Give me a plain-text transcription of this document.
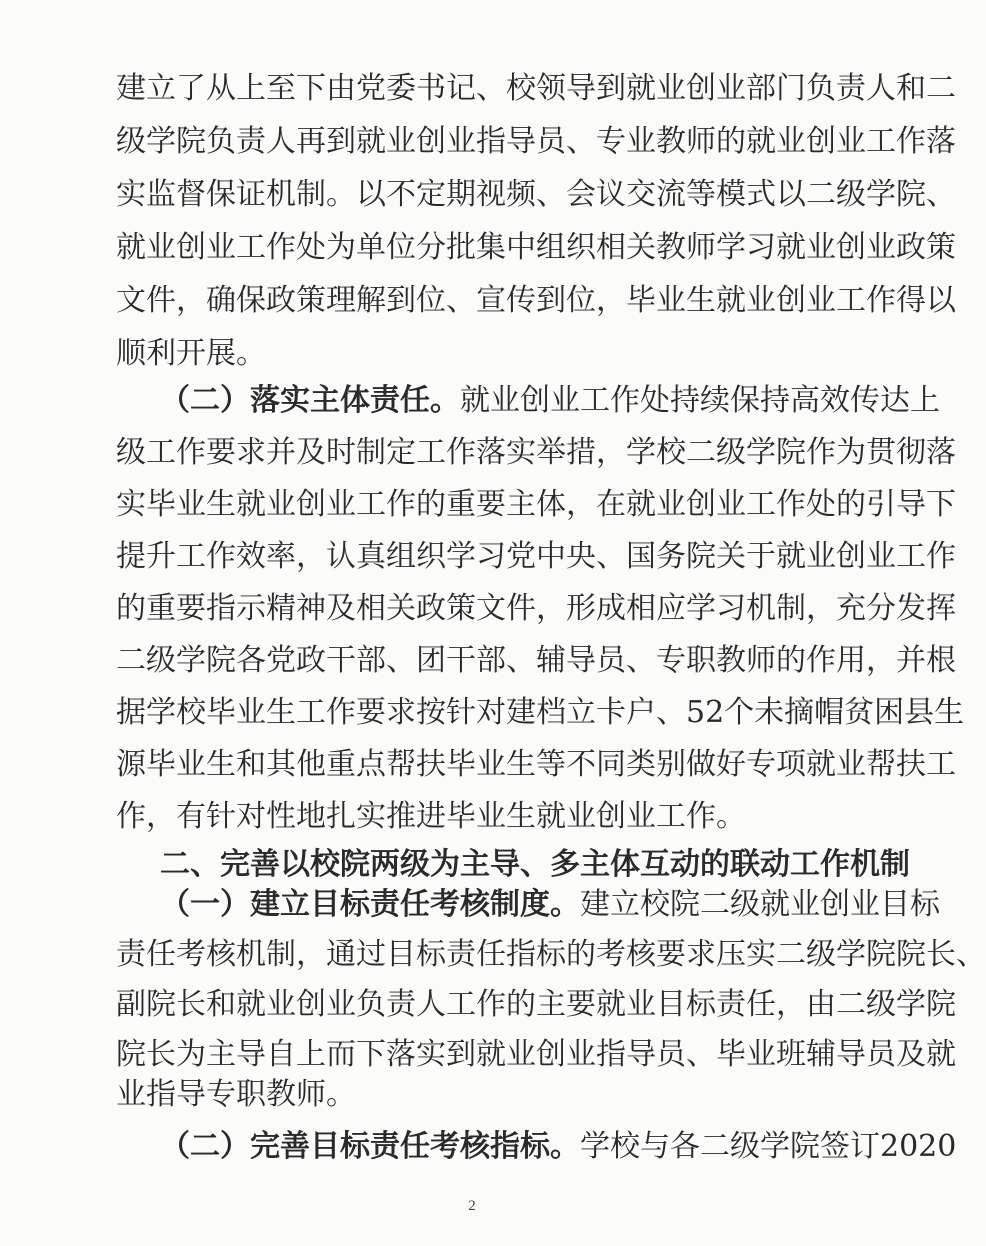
建立了从上至下由党委书记、校领导到就业创业部门负责人和二
级学院负责人再到就业创业指导员、专业教师的就业创业工作落
实监督保证机制。以不定期视频、会议交流等模式以二级学院、
就业创业工作处为单位分批集中组织相关教师学习就业创业政策
文件，确保政策理解到位、宣传到位，毕业生就业创业工作得以
顺利开展。
（二）落实主体责任。就业创业工作处持续保持高效传达上
级工作要求并及时制定工作落实举措，学校二级学院作为贯彻落
实毕业生就业创业工作的重要主体，在就业创业工作处的引导下
提升工作效率，认真组织学习党中央、国务院关于就业创业工作
的重要指示精神及相关政策文件，形成相应学习机制，充分发挥
二级学院各党政干部、团干部、辅导员、专职教师的作用，并根
据学校毕业生工作要求按针对建档立卡户、52个未摘帽贫困县生
源毕业生和其他重点帮扶毕业生等不同类别做好专项就业帮扶工
作，有针对性地扎实推进毕业生就业创业工作。
二、完善以校院两级为主导、多主体互动的联动工作机制
（一）建立目标责任考核制度。建立校院二级就业创业目标
责任考核机制，通过目标责任指标的考核要求压实二级学院院长、
副院长和就业创业负责人工作的主要就业目标责任，由二级学院
院长为主导自上而下落实到就业创业指导员、毕业班辅导员及就
业指导专职教师。
2
（二）完善目标责任考核指标。学校与各二级学院签订2020
